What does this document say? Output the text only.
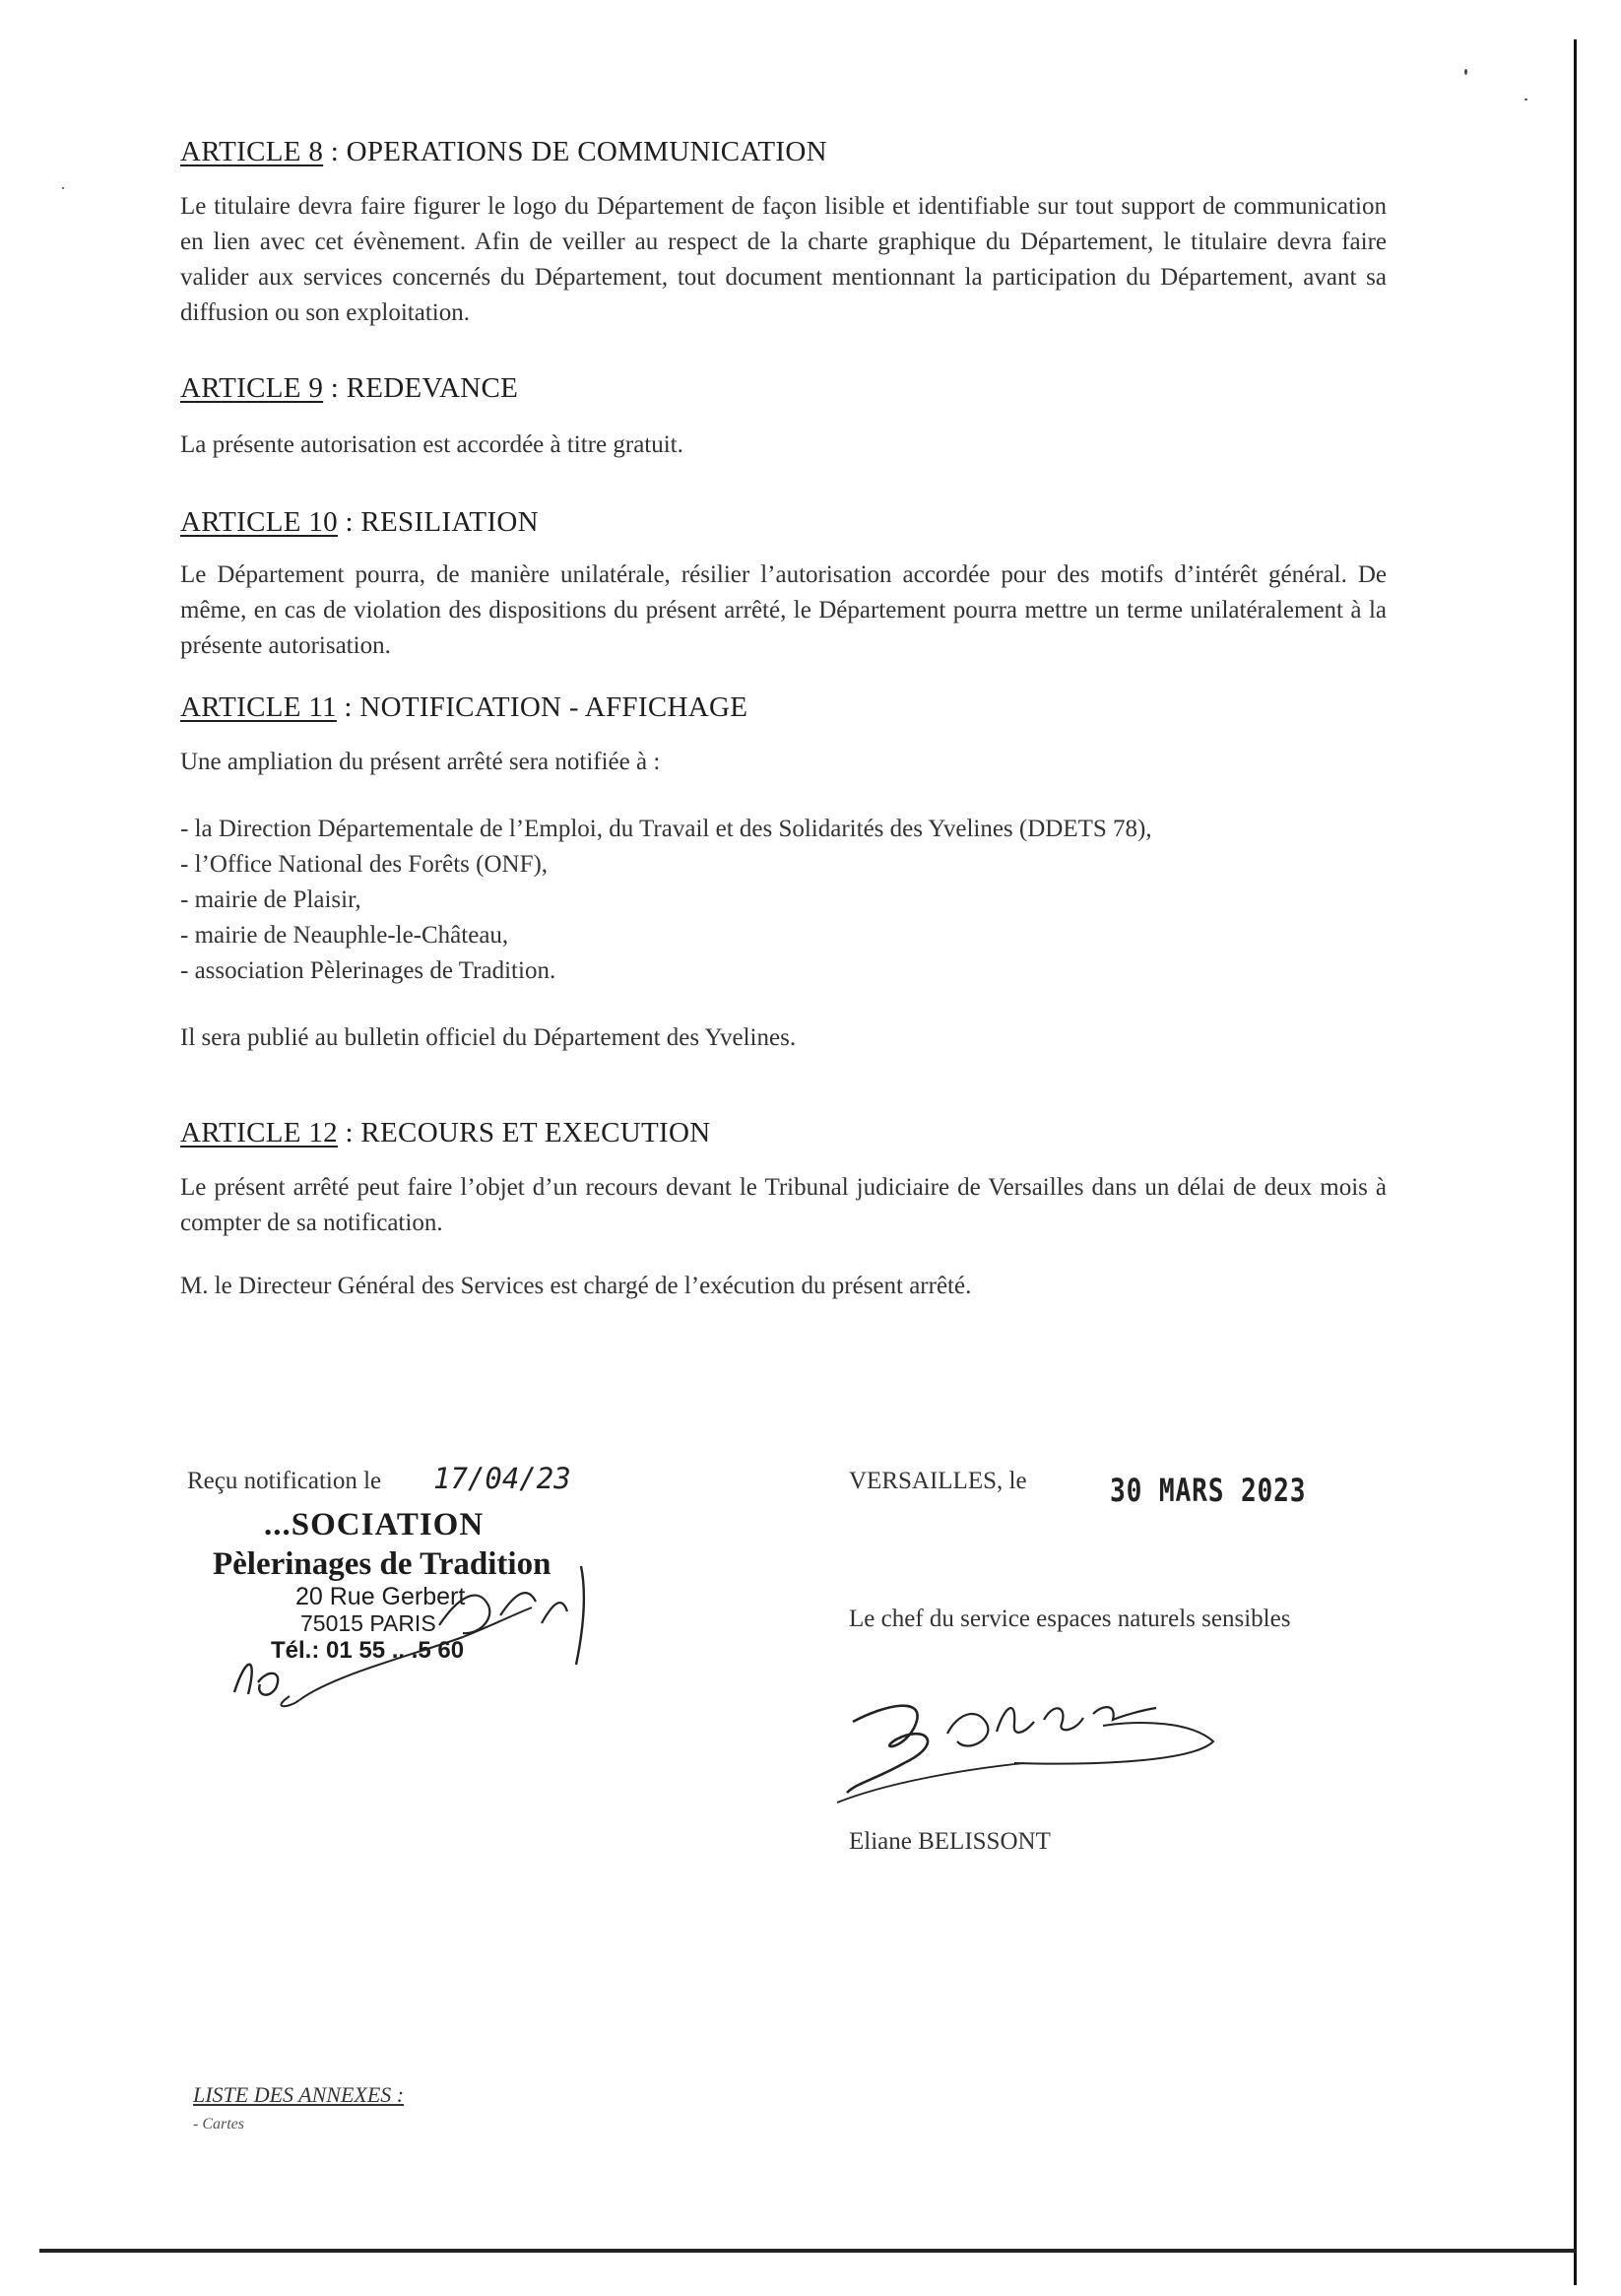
ARTICLE 8 : OPERATIONS DE COMMUNICATION
Le titulaire devra faire figurer le logo du Département de façon lisible et identifiable sur tout support de communication en lien avec cet évènement. Afin de veiller au respect de la charte graphique du Département, le titulaire devra faire valider aux services concernés du Département, tout document mentionnant la participation du Département, avant sa diffusion ou son exploitation.
ARTICLE 9 : REDEVANCE
La présente autorisation est accordée à titre gratuit.
ARTICLE 10 : RESILIATION
Le Département pourra, de manière unilatérale, résilier l’autorisation accordée pour des motifs d’intérêt général. De même, en cas de violation des dispositions du présent arrêté, le Département pourra mettre un terme unilatéralement à la présente autorisation.
ARTICLE 11 : NOTIFICATION - AFFICHAGE
Une ampliation du présent arrêté sera notifiée à :
- la Direction Départementale de l’Emploi, du Travail et des Solidarités des Yvelines (DDETS 78),
- l’Office National des Forêts (ONF),
- mairie de Plaisir,
- mairie de Neauphle-le-Château,
- association Pèlerinages de Tradition.
Il sera publié au bulletin officiel du Département des Yvelines.
ARTICLE 12 : RECOURS ET EXECUTION
Le présent arrêté peut faire l’objet d’un recours devant le Tribunal judiciaire de Versailles dans un délai de deux mois à compter de sa notification.
M. le Directeur Général des Services est chargé de l’exécution du présent arrêté.
Reçu notification le 17/04/23
...SOCIATION
Pèlerinages de Tradition
20 Rue Gerbert
75015 PARIS
Tél.: 01 55 .. .5 60
VERSAILLES, le	30 MARS 2023
Le chef du service espaces naturels sensibles
Eliane BELISSONT
LISTE DES ANNEXES :
- Cartes
